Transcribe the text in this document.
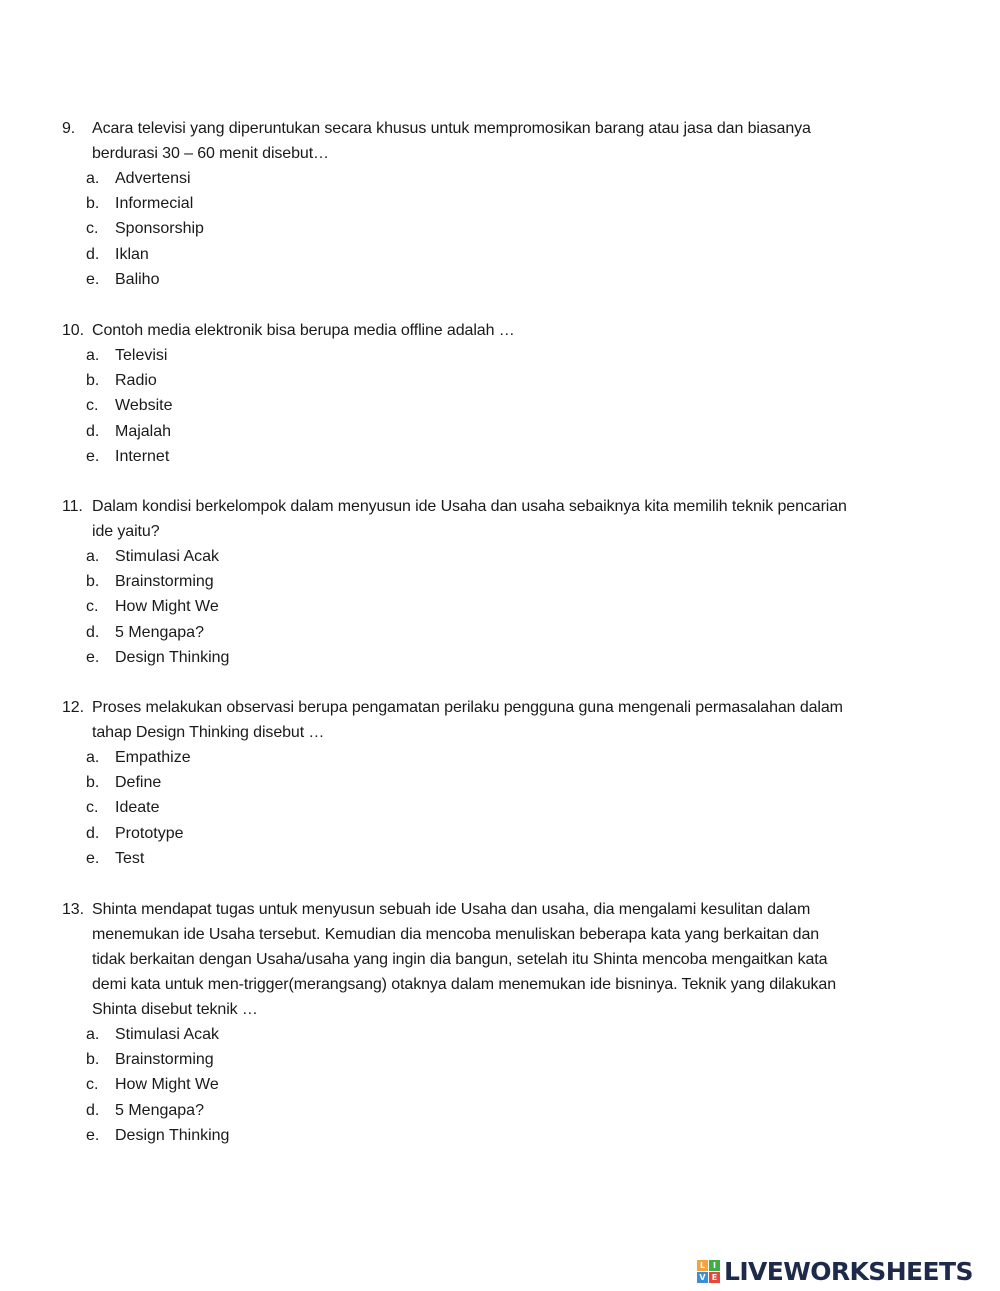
9. Acara televisi yang diperuntukan secara khusus untuk mempromosikan barang atau jasa dan biasanya
berdurasi 30 – 60 menit disebut…
a. Advertensi
b. Informecial
c. Sponsorship
d. Iklan
e. Baliho
10. Contoh media elektronik bisa berupa media offline adalah …
a. Televisi
b. Radio
c. Website
d. Majalah
e. Internet
11. Dalam kondisi berkelompok dalam menyusun ide Usaha dan usaha sebaiknya kita memilih teknik pencarian
ide yaitu?
a. Stimulasi Acak
b. Brainstorming
c. How Might We
d. 5 Mengapa?
e. Design Thinking
12. Proses melakukan observasi berupa pengamatan perilaku pengguna guna mengenali permasalahan dalam
tahap Design Thinking disebut …
a. Empathize
b. Define
c. Ideate
d. Prototype
e. Test
13. Shinta mendapat tugas untuk menyusun sebuah ide Usaha dan usaha, dia mengalami kesulitan dalam
menemukan ide Usaha tersebut. Kemudian dia mencoba menuliskan beberapa kata yang berkaitan dan
tidak berkaitan dengan Usaha/usaha yang ingin dia bangun, setelah itu Shinta mencoba mengaitkan kata
demi kata untuk men-trigger(merangsang) otaknya dalam menemukan ide bisninya. Teknik yang dilakukan
Shinta disebut teknik …
a. Stimulasi Acak
b. Brainstorming
c. How Might We
d. 5 Mengapa?
e. Design Thinking
L I
V E LIVEWORKSHEETS
